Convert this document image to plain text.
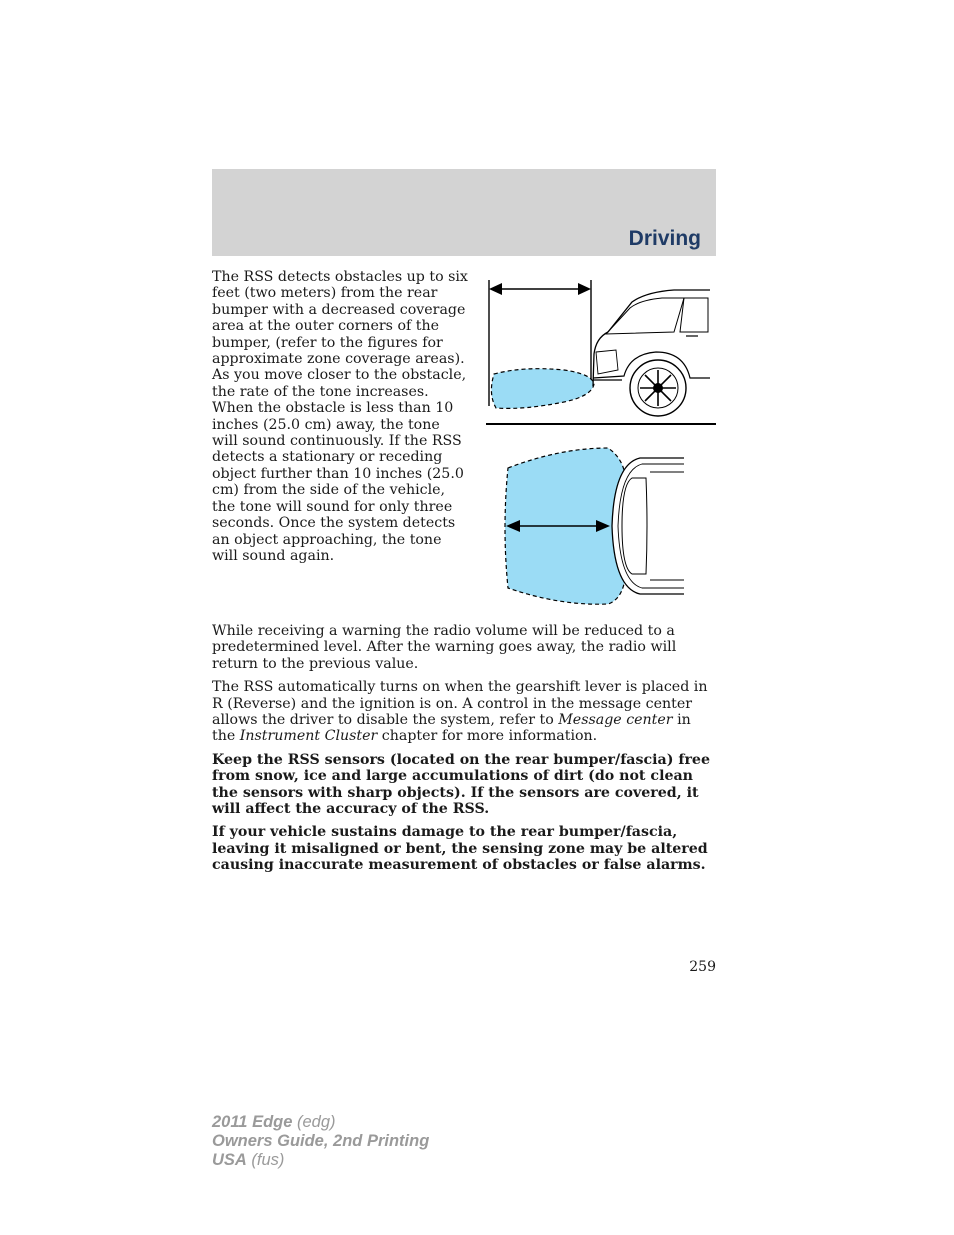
Driving

The RSS detects obstacles up to six feet (two meters) from the rear bumper with a decreased coverage area at the outer corners of the bumper, (refer to the figures for approximate zone coverage areas). As you move closer to the obstacle, the rate of the tone increases. When the obstacle is less than 10 inches (25.0 cm) away, the tone will sound continuously. If the RSS detects a stationary or receding object further than 10 inches (25.0 cm) from the side of the vehicle, the tone will sound for only three seconds. Once the system detects an object approaching, the tone will sound again.

While receiving a warning the radio volume will be reduced to a predetermined level. After the warning goes away, the radio will return to the previous value.

The RSS automatically turns on when the gearshift lever is placed in R (Reverse) and the ignition is on. A control in the message center allows the driver to disable the system, refer to Message center in the Instrument Cluster chapter for more information.

Keep the RSS sensors (located on the rear bumper/fascia) free from snow, ice and large accumulations of dirt (do not clean the sensors with sharp objects). If the sensors are covered, it will affect the accuracy of the RSS.

If your vehicle sustains damage to the rear bumper/fascia, leaving it misaligned or bent, the sensing zone may be altered causing inaccurate measurement of obstacles or false alarms.

259
2011 Edge (edg)
Owners Guide, 2nd Printing
USA (fus)
